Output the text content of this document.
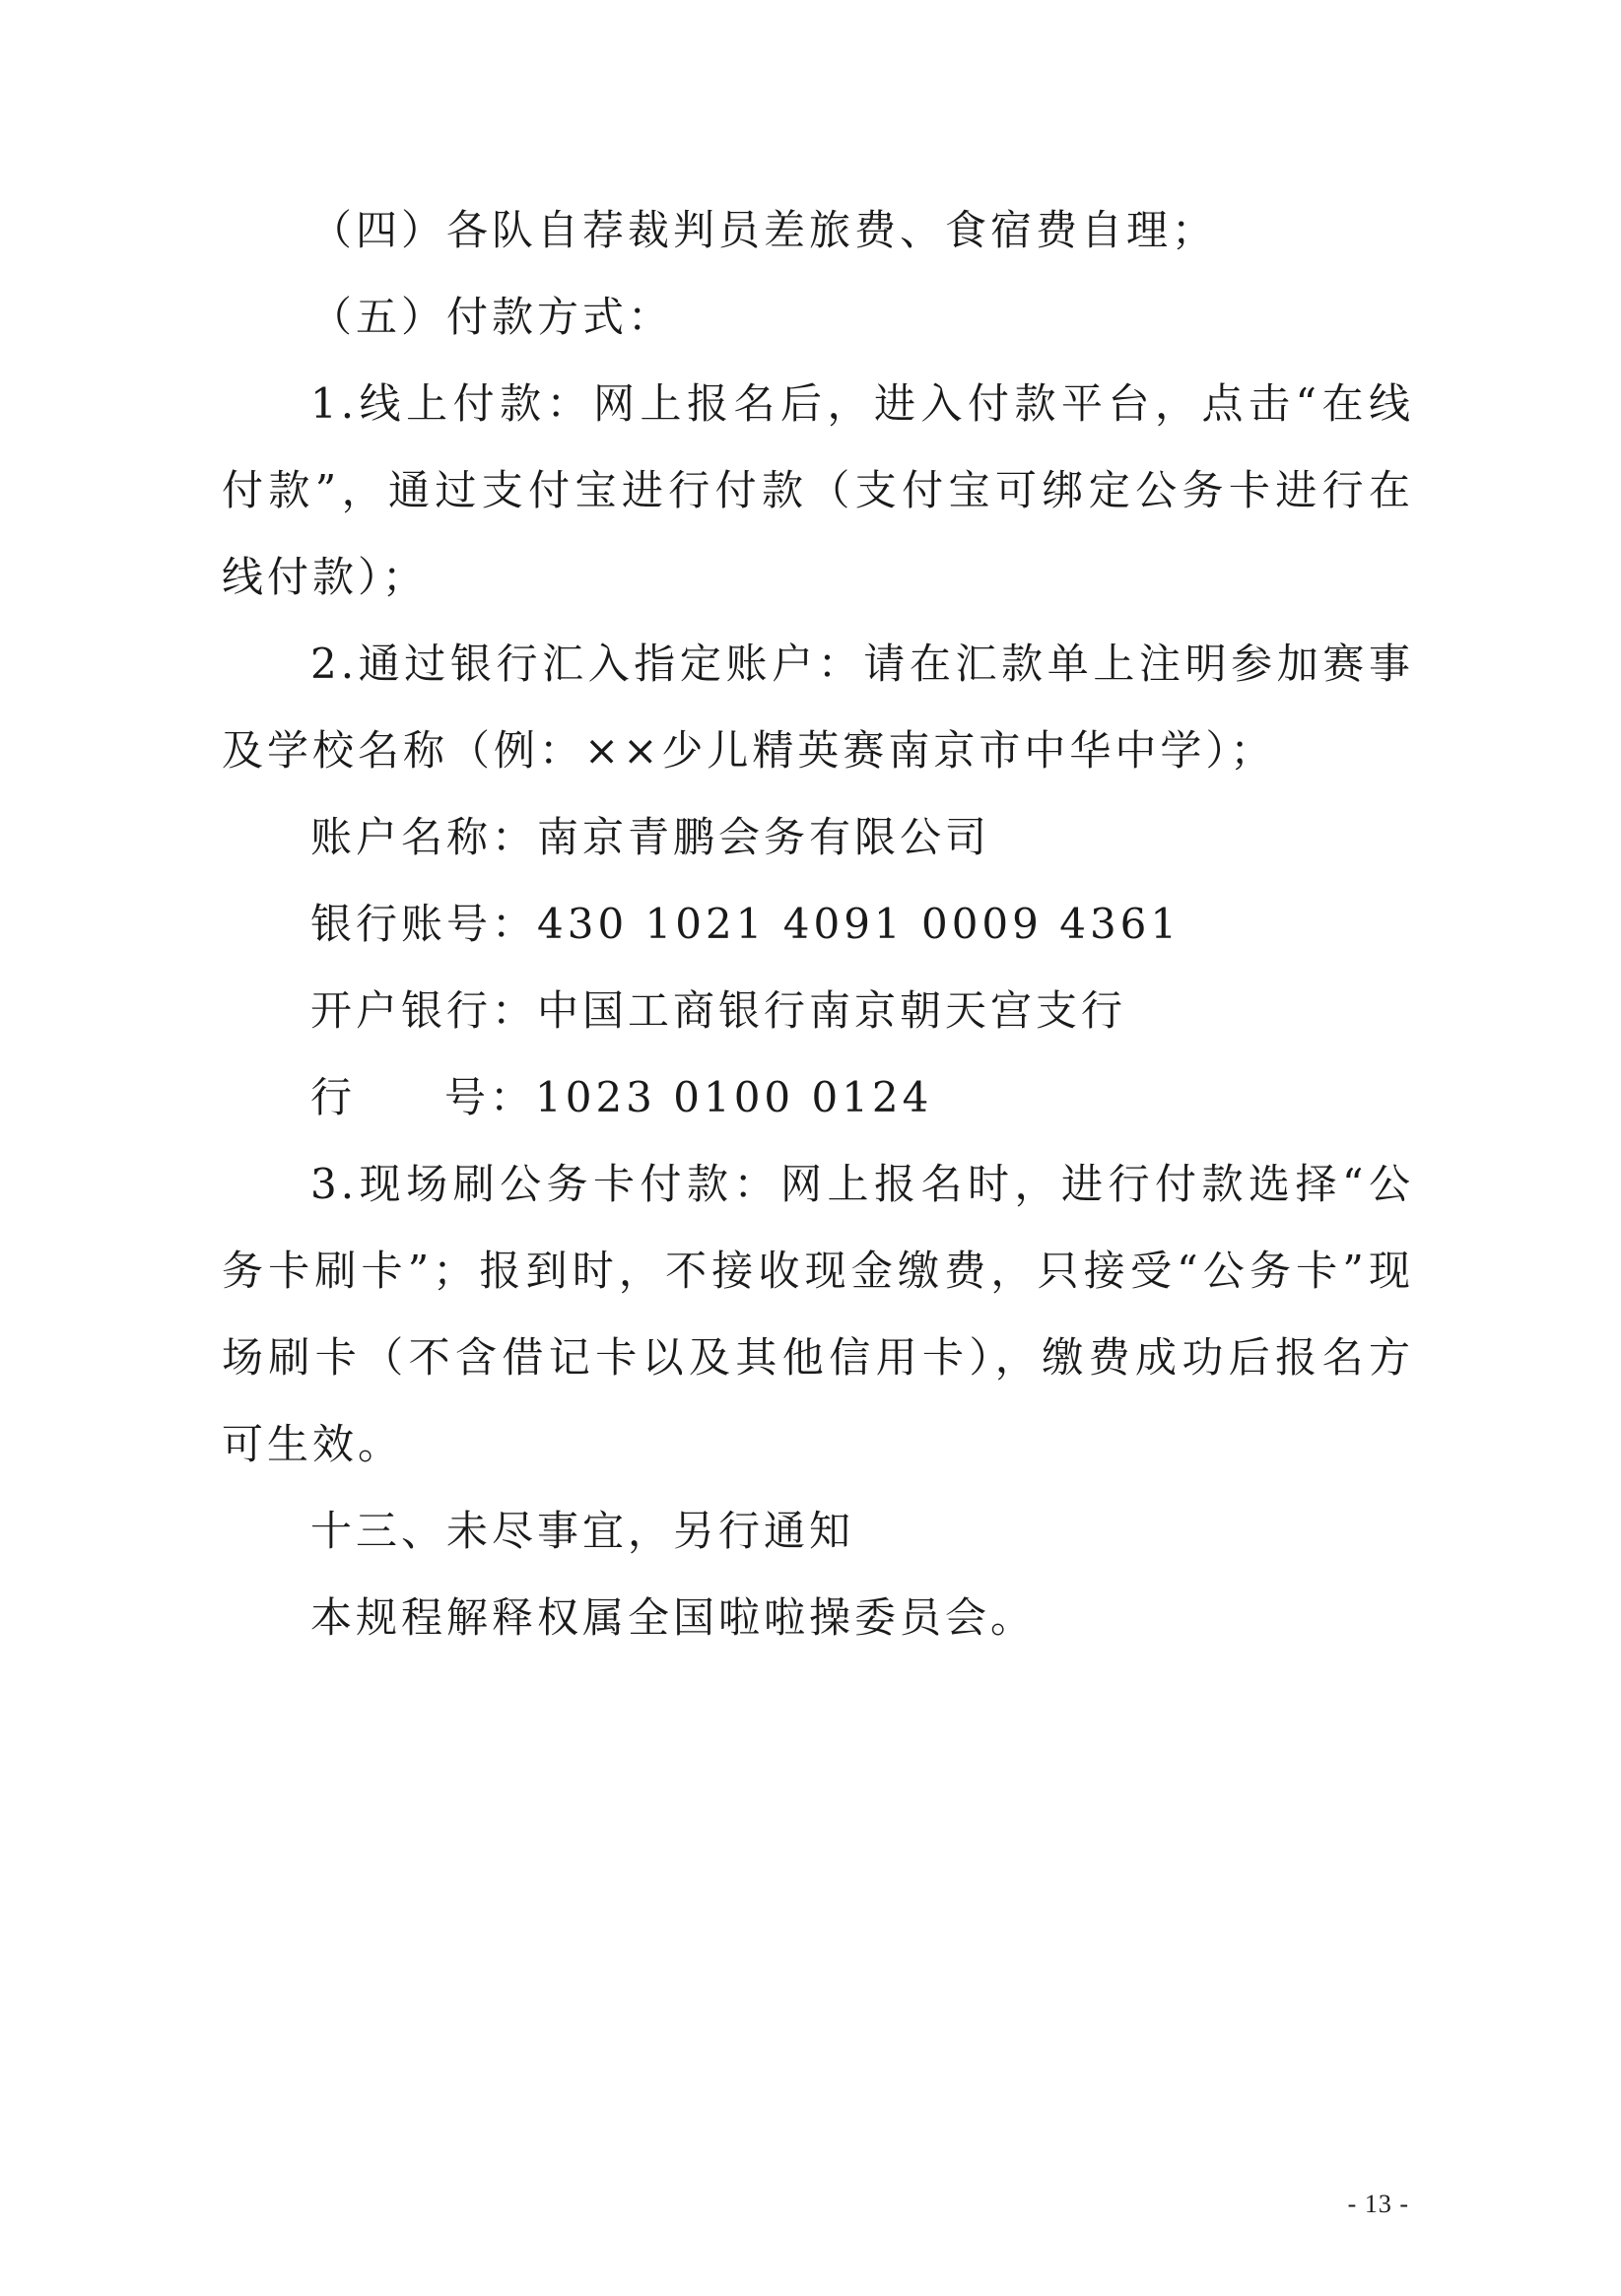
（四）各队自荐裁判员差旅费、食宿费自理；

（五）付款方式：

1.线上付款：网上报名后，进入付款平台，点击“在线付款”，通过支付宝进行付款（支付宝可绑定公务卡进行在线付款）；

2.通过银行汇入指定账户：请在汇款单上注明参加赛事及学校名称（例：××少儿精英赛南京市中华中学）；

账户名称：南京青鹏会务有限公司

银行账号：430 1021 4091 0009 4361

开户银行：中国工商银行南京朝天宫支行

行 号：1023 0100 0124

3.现场刷公务卡付款：网上报名时，进行付款选择“公务卡刷卡”；报到时，不接收现金缴费，只接受“公务卡”现场刷卡（不含借记卡以及其他信用卡），缴费成功后报名方可生效。

十三、未尽事宜，另行通知

本规程解释权属全国啦啦操委员会。

- 13 -
